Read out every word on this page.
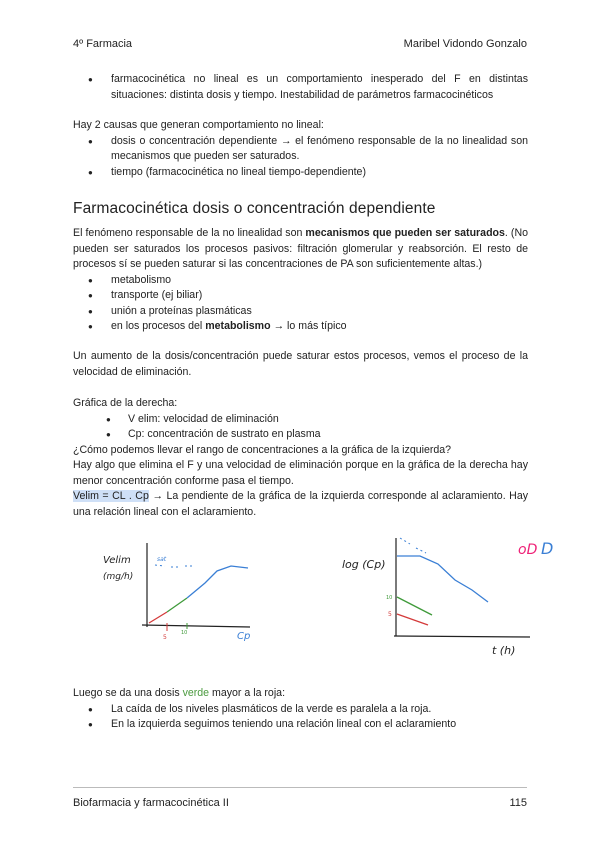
4º Farmacia	Maribel Vidondo Gonzalo
● farmacocinética no lineal es un comportamiento inesperado del F en distintas situaciones: distinta dosis y tiempo. Inestabilidad de parámetros farmacocinéticos
Hay 2 causas que generan comportamiento no lineal:
● dosis o concentración dependiente → el fenómeno responsable de la no linealidad son mecanismos que pueden ser saturados.
● tiempo (farmacocinética no lineal tiempo-dependiente)
Farmacocinética dosis o concentración dependiente
El fenómeno responsable de la no linealidad son mecanismos que pueden ser saturados. (No pueden ser saturados los procesos pasivos: filtración glomerular y reabsorción. El resto de procesos sí se pueden saturar si las concentraciones de PA son suficientemente altas.)
● metabolismo
● transporte (ej biliar)
● unión a proteínas plasmáticas
● en los procesos del metabolismo → lo más típico
Un aumento de la dosis/concentración puede saturar estos procesos, vemos el proceso de la velocidad de eliminación.
Gráfica de la derecha:
● V elim: velocidad de eliminación
● Cp: concentración de sustrato en plasma
¿Cómo podemos llevar el rango de concentraciones a la gráfica de la izquierda?
Hay algo que elimina el F y una velocidad de eliminación porque en la gráfica de la derecha hay menor concentración conforme pasa el tiempo.
Velim = CL . Cp → La pendiente de la gráfica de la izquierda corresponde al aclaramiento. Hay una relación lineal con el aclaramiento.
Velim
(mg/h)
sat
5
10	Cp
log (Cp)
10
5
t (h)
oD D
Luego se da una dosis verde mayor a la roja:
● La caída de los niveles plasmáticos de la verde es paralela a la roja.
● En la izquierda seguimos teniendo una relación lineal con el aclaramiento
Biofarmacia y farmacocinética II	115
